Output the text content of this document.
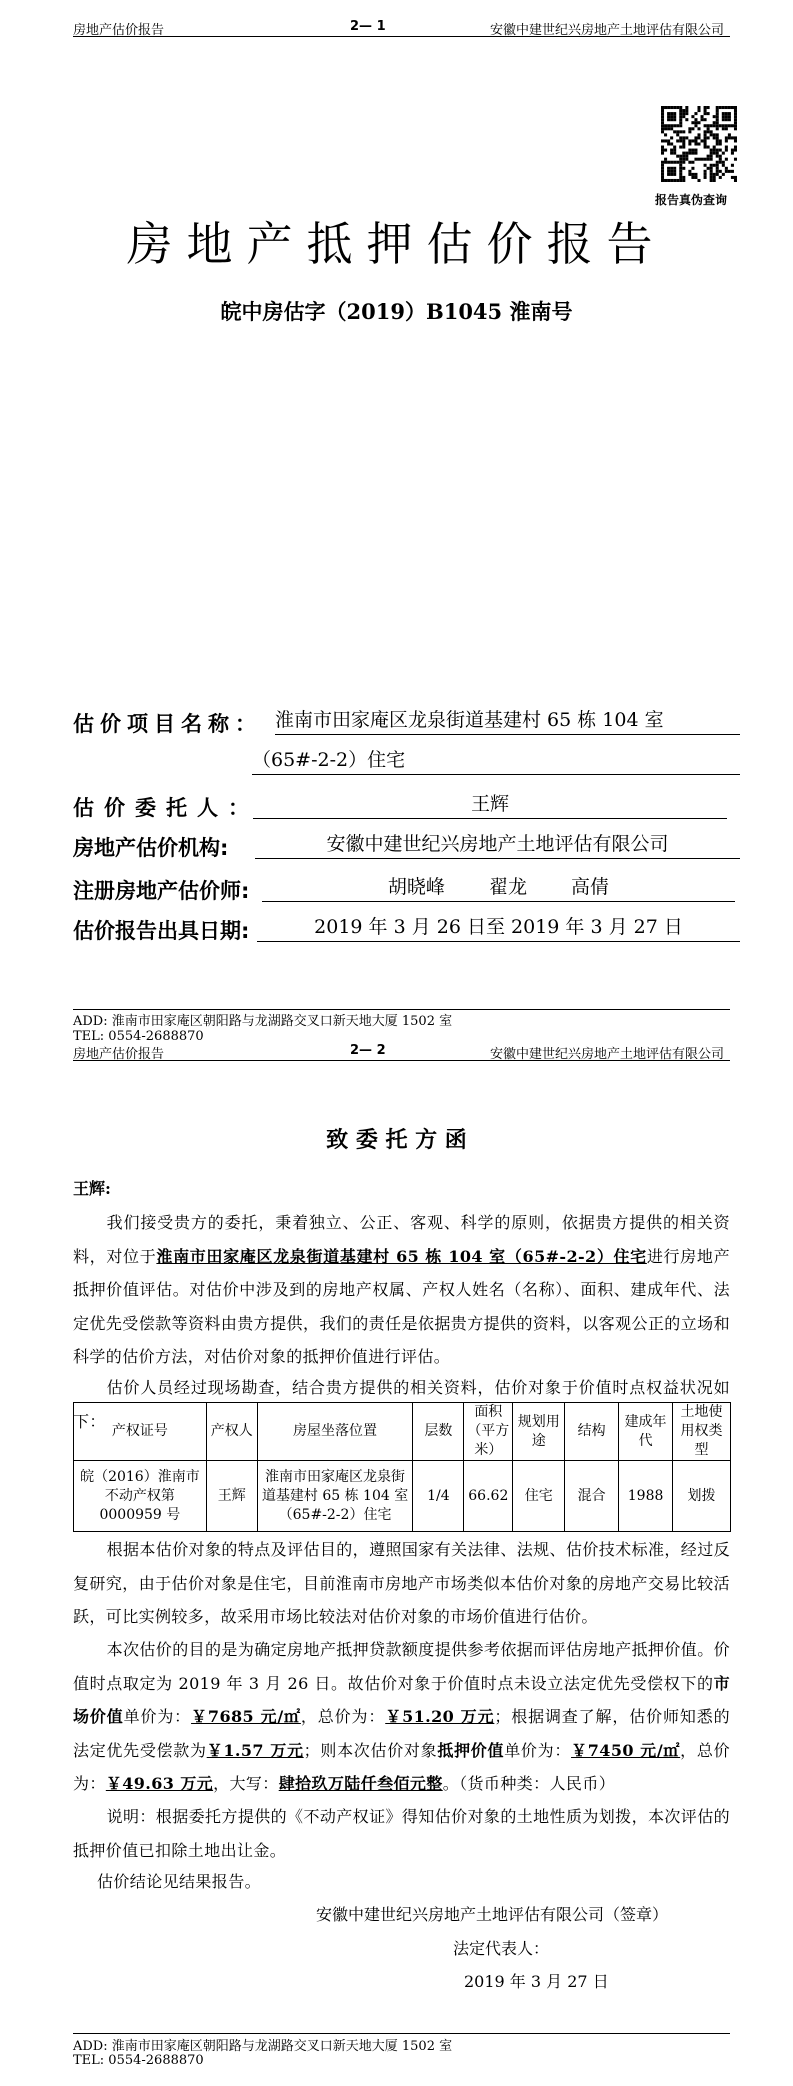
房地产估价报告	2— 1	安徽中建世纪兴房地产土地评估有限公司
报告真伪查询
房地产抵押估价报告
皖中房估字（2019）B1045 淮南号
估价项目名称： 淮南市田家庵区龙泉街道基建村 65 栋 104 室
（65#-2-2）住宅
估价委托人：	王辉
房地产估价机构:	安徽中建世纪兴房地产土地评估有限公司
注册房地产估价师:	胡晓峰   翟龙   高倩
估价报告出具日期:	2019 年 3 月 26 日至 2019 年 3 月 27 日
ADD: 淮南市田家庵区朝阳路与龙湖路交叉口新天地大厦 1502 室
TEL: 0554-2688870
房地产估价报告	2— 2	安徽中建世纪兴房地产土地评估有限公司
致 委 托 方 函
王辉:
我们接受贵方的委托，秉着独立、公正、客观、科学的原则，依据贵方提供的相关资料，对位于淮南市田家庵区龙泉街道基建村 65 栋 104 室（65#-2-2）住宅进行房地产抵押价值评估。对估价中涉及到的房地产权属、产权人姓名（名称）、面积、建成年代、法定优先受偿款等资料由贵方提供，我们的责任是依据贵方提供的资料，以客观公正的立场和科学的估价方法，对估价对象的抵押价值进行评估。
估价人员经过现场勘查，结合贵方提供的相关资料，估价对象于价值时点权益状况如下：
产权证号	产权人	房屋坐落位置	层数	面积（平方米）	规划用途	结构	建成年代	土地使用权类型
皖（2016）淮南市不动产权第 0000959 号	王辉	淮南市田家庵区龙泉街道基建村 65 栋 104 室（65#-2-2）住宅	1/4	66.62	住宅	混合	1988	划拨
根据本估价对象的特点及评估目的，遵照国家有关法律、法规、估价技术标准，经过反复研究，由于估价对象是住宅，目前淮南市房地产市场类似本估价对象的房地产交易比较活跃，可比实例较多，故采用市场比较法对估价对象的市场价值进行估价。
本次估价的目的是为确定房地产抵押贷款额度提供参考依据而评估房地产抵押价值。价值时点取定为 2019 年 3 月 26 日。故估价对象于价值时点未设立法定优先受偿权下的市场价值单价为：￥7685 元/㎡，总价为：￥51.20 万元；根据调查了解，估价师知悉的法定优先受偿款为￥1.57 万元；则本次估价对象抵押价值单价为：￥7450 元/㎡，总价为：￥49.63 万元，大写：肆拾玖万陆仟叁佰元整。（货币种类：人民币）
说明：根据委托方提供的《不动产权证》得知估价对象的土地性质为划拨，本次评估的抵押价值已扣除土地出让金。
估价结论见结果报告。
安徽中建世纪兴房地产土地评估有限公司（签章）
法定代表人：
2019 年 3 月 27 日
ADD: 淮南市田家庵区朝阳路与龙湖路交叉口新天地大厦 1502 室
TEL: 0554-2688870
